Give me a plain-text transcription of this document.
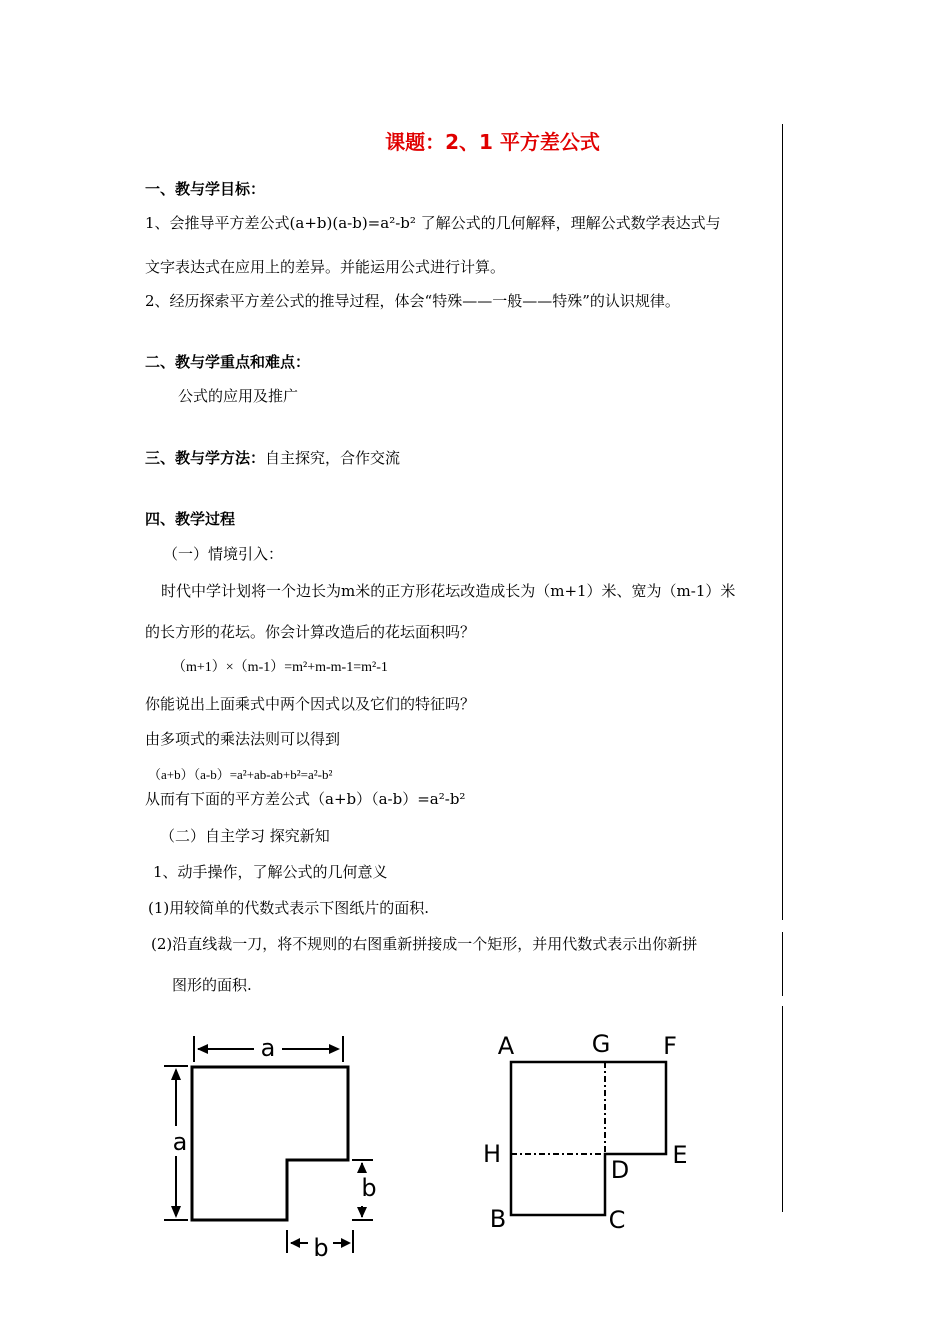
课题：2、1 平方差公式
一、教与学目标：
1、会推导平方差公式(a+b)(a-b)=a²-b² 了解公式的几何解释，理解公式数学表达式与
文字表达式在应用上的差异。并能运用公式进行计算。
2、经历探索平方差公式的推导过程，体会“特殊——一般——特殊”的认识规律。
二、教与学重点和难点：
公式的应用及推广
三、教与学方法：自主探究，合作交流
四、教学过程
（一）情境引入：
时代中学计划将一个边长为m米的正方形花坛改造成长为（m+1）米、宽为（m-1）米
的长方形的花坛。你会计算改造后的花坛面积吗？
（m+1）×（m-1）=m²+m-m-1=m²-1
你能说出上面乘式中两个因式以及它们的特征吗？
由多项式的乘法法则可以得到
（a+b）（a-b）=a²+ab-ab+b²=a²-b²
从而有下面的平方差公式（a+b）（a-b）=a²-b²
（二）自主学习 探究新知
1、动手操作，了解公式的几何意义
(1)用较简单的代数式表示下图纸片的面积.
(2)沿直线裁一刀，将不规则的右图重新拼接成一个矩形，并用代数式表示出你新拼
图形的面积.
a
a
b
b
A	G F
H	E
D
B	C
